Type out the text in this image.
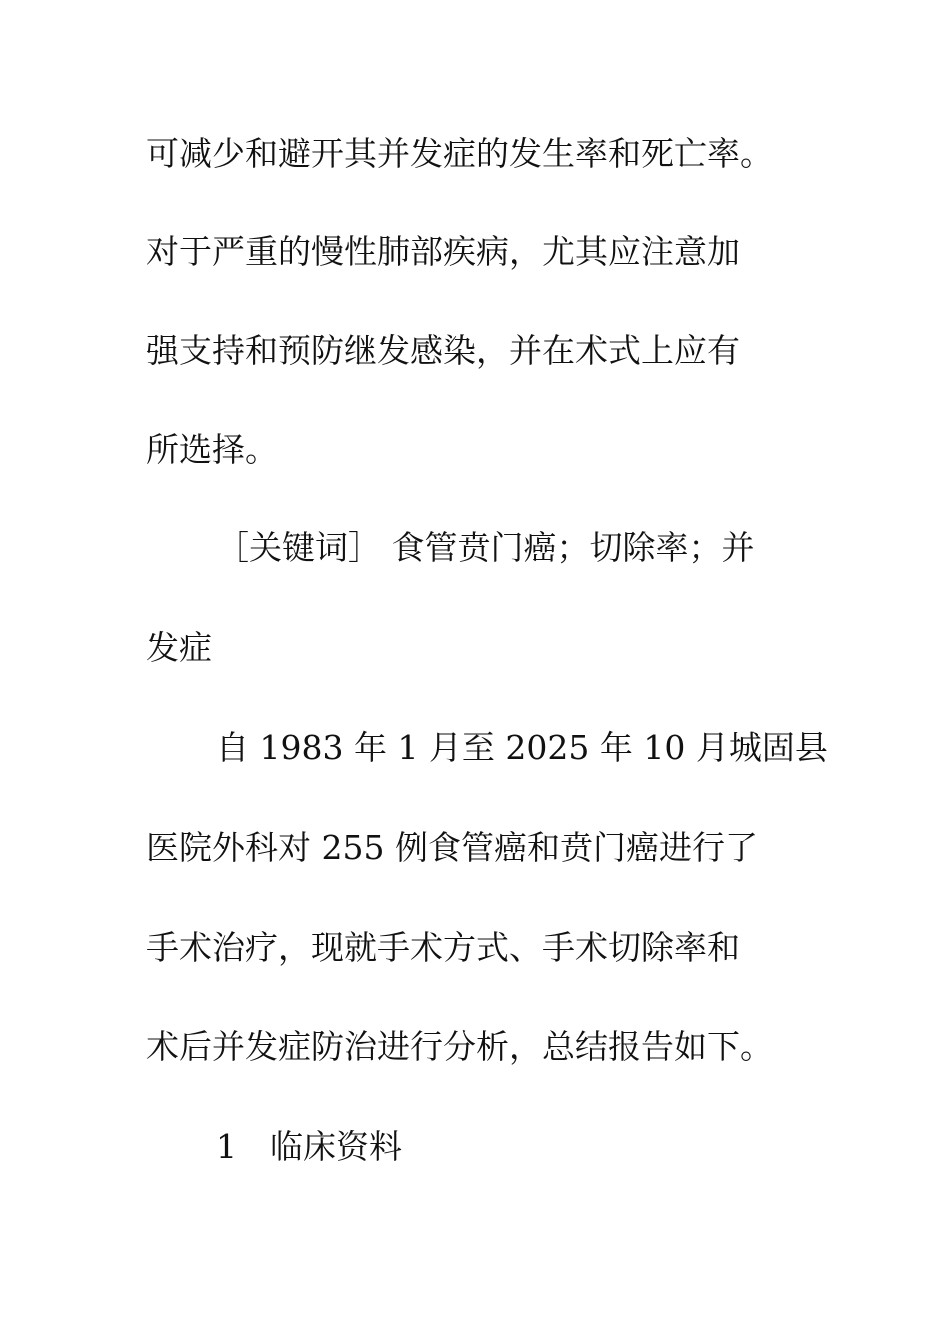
可减少和避开其并发症的发生率和死亡率。

对于严重的慢性肺部疾病，尤其应注意加

强支持和预防继发感染，并在术式上应有

所选择。

［关键词］ 食管贲门癌；切除率；并

发症

自 1983 年 1 月至 2025 年 10 月城固县

医院外科对 255 例食管癌和贲门癌进行了

手术治疗，现就手术方式、手术切除率和

术后并发症防治进行分析，总结报告如下。

1　临床资料
